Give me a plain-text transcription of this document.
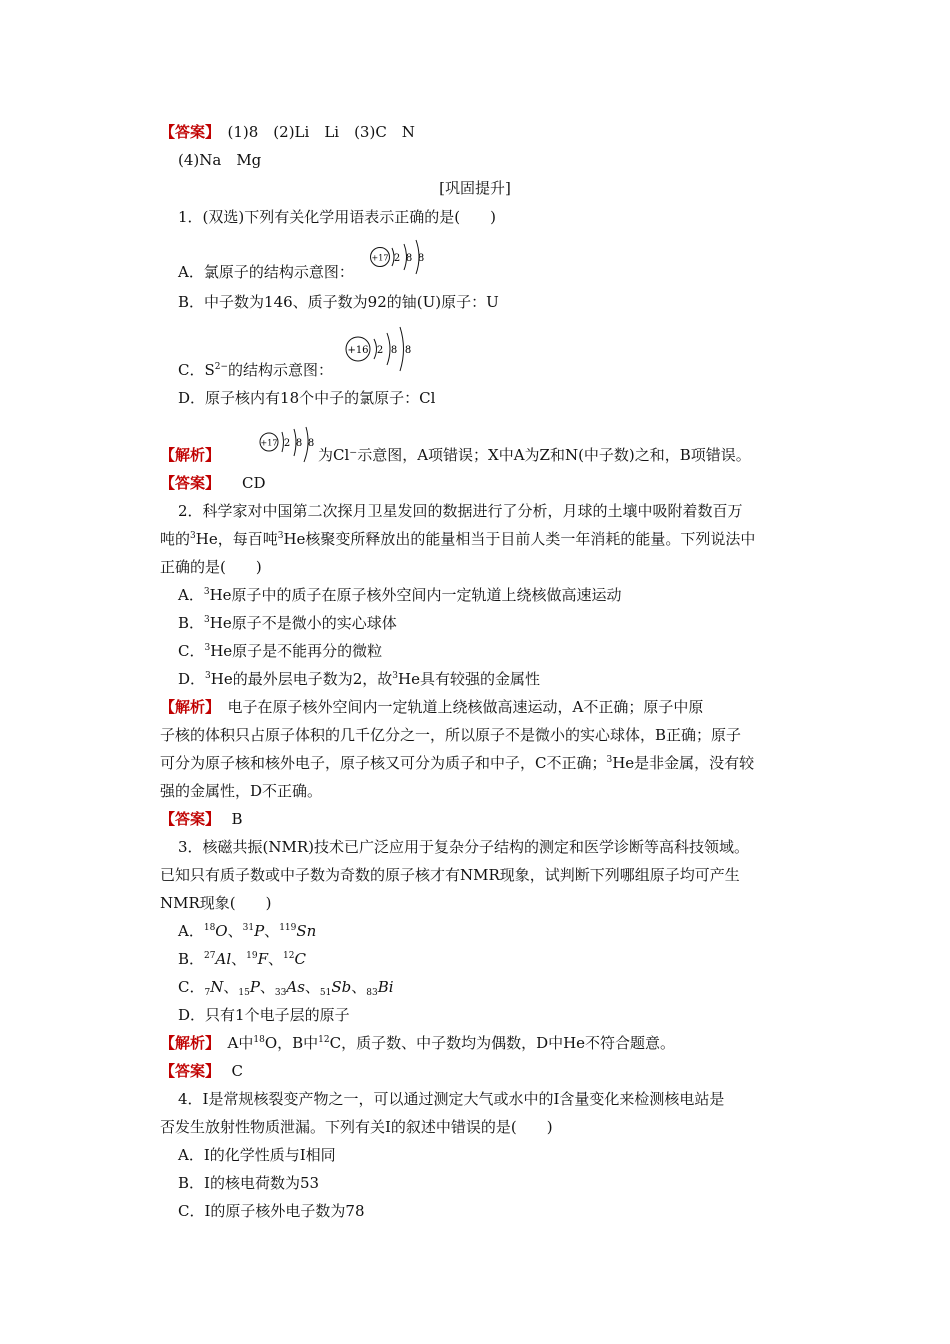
【答案】　(1)8　(2)Li　Li　(3)C　N
(4)Na　Mg
[巩固提升]
1．(双选)下列有关化学用语表示正确的是(　　)
+17 2 8 8
A．氯原子的结构示意图：
B．中子数为146、质子数为92的铀(U)原子：U
+16 2 8 8
C．$S^{2-}$的结构示意图：
D．原子核内有18个中子的氯原子：Cl
+17 2 8 8
【解析】	为Cl⁻示意图，A项错误；X中A为Z和N(中子数)之和，B项错误。
【答案】 CD
2．科学家对中国第二次探月卫星发回的数据进行了分析，月球的土壤中吸附着数百万
吨的$^3$He，每百吨$^3$He核聚变所释放出的能量相当于目前人类一年消耗的能量。下列说法中
正确的是(　　)
A．$^3$He原子中的质子在原子核外空间内一定轨道上绕核做高速运动
B．$^3$He原子不是微小的实心球体
C．$^3$He原子是不能再分的微粒
D．$^3$He的最外层电子数为2，故$^3$He具有较强的金属性
【解析】　电子在原子核外空间内一定轨道上绕核做高速运动，A不正确；原子中原
子核的体积只占原子体积的几千亿分之一，所以原子不是微小的实心球体，B正确；原子
可分为原子核和核外电子，原子核又可分为质子和中子，C不正确；$^3$He是非金属，没有较
强的金属性，D不正确。
【答案】　B
3．核磁共振(NMR)技术已广泛应用于复杂分子结构的测定和医学诊断等高科技领域。
已知只有质子数或中子数为奇数的原子核才有NMR现象，试判断下列哪组原子均可产生
NMR现象(　　)
A．$^{18}$O、$^{31}$P、$^{119}$Sn
B．$^{27}$Al、$^{19}$F、$^{12}$C
C．$_7$N、$_{15}$P、$_{33}$As、$_{51}$Sb、$_{83}$Bi
D．只有1个电子层的原子
【解析】　A中$^{18}$O，B中$^{12}$C，质子数、中子数均为偶数，D中He不符合题意。
【答案】　C
4．I是常规核裂变产物之一，可以通过测定大气或水中的I含量变化来检测核电站是
否发生放射性物质泄漏。下列有关I的叙述中错误的是(　　)
A．I的化学性质与I相同
B．I的核电荷数为53
C．I的原子核外电子数为78
